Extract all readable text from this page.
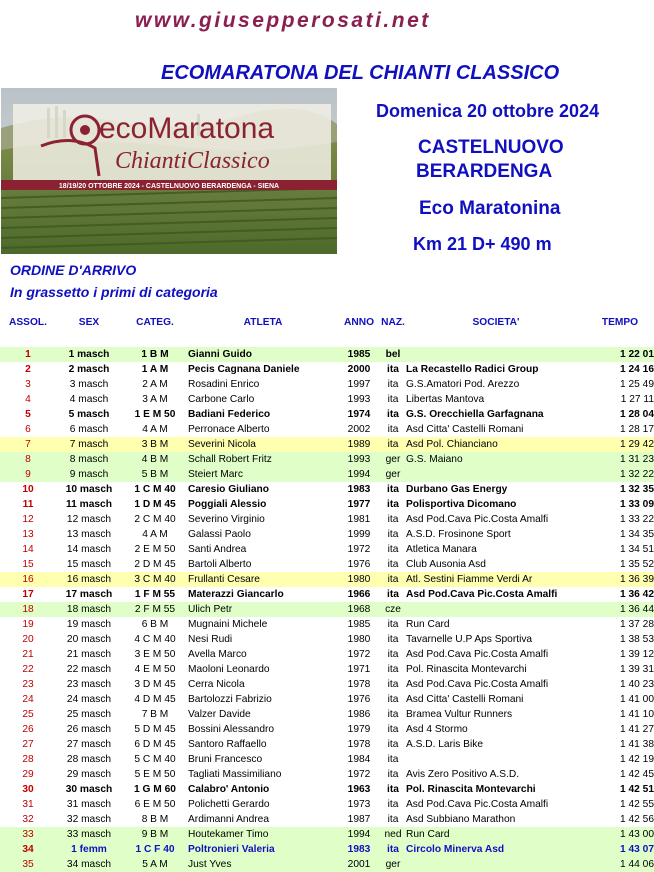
www.giusepperosati.net
ECOMARATONA DEL CHIANTI CLASSICO
ecoMaratona
ChiantiClassico
18/19/20 OTTOBRE 2024 - CASTELNUOVO BERARDENGA - SIENA
Domenica 20 ottobre 2024
CASTELNUOVO
BERARDENGA
Eco Maratonina
Km 21 D+ 490 m
ORDINE D'ARRIVO
In grassetto i primi di categoria
ASSOL.	SEX	CATEG.	ATLETA	ANNO	NAZ.	SOCIETA'	TEMPO

1	1 masch	1 B M	Gianni Guido	1985	bel		1 22 01
2	2 masch	1 A M	Pecis Cagnana Daniele	2000	ita	La Recastello Radici Group	1 24 16
3	3 masch	2 A M	Rosadini Enrico	1997	ita	G.S.Amatori Pod. Arezzo	1 25 49
4	4 masch	3 A M	Carbone Carlo	1993	ita	Libertas Mantova	1 27 11
5	5 masch	1 E M 50	Badiani Federico	1974	ita	G.S. Orecchiella Garfagnana	1 28 04
6	6 masch	4 A M	Perronace Alberto	2002	ita	Asd Citta' Castelli Romani	1 28 17
7	7 masch	3 B M	Severini Nicola	1989	ita	Asd Pol. Chianciano	1 29 42
8	8 masch	4 B M	Schall Robert Fritz	1993	ger	G.S. Maiano	1 31 23
9	9 masch	5 B M	Steiert Marc	1994	ger		1 32 22
10	10 masch	1 C M 40	Caresio Giuliano	1983	ita	Durbano Gas Energy	1 32 35
11	11 masch	1 D M 45	Poggiali Alessio	1977	ita	Polisportiva Dicomano	1 33 09
12	12 masch	2 C M 40	Severino Virginio	1981	ita	Asd Pod.Cava Pic.Costa Amalfi	1 33 22
13	13 masch	4 A M	Galassi Paolo	1999	ita	A.S.D. Frosinone Sport	1 34 35
14	14 masch	2 E M 50	Santi Andrea	1972	ita	Atletica Manara	1 34 51
15	15 masch	2 D M 45	Bartoli Alberto	1976	ita	Club Ausonia Asd	1 35 52
16	16 masch	3 C M 40	Frullanti Cesare	1980	ita	Atl. Sestini Fiamme Verdi Ar	1 36 39
17	17 masch	1 F M 55	Materazzi Giancarlo	1966	ita	Asd Pod.Cava Pic.Costa Amalfi	1 36 42
18	18 masch	2 F M 55	Ulich Petr	1968	cze		1 36 44
19	19 masch	6 B M	Mugnaini Michele	1985	ita	Run Card	1 37 28
20	20 masch	4 C M 40	Nesi Rudi	1980	ita	Tavarnelle U.P Aps Sportiva	1 38 53
21	21 masch	3 E M 50	Avella Marco	1972	ita	Asd Pod.Cava Pic.Costa Amalfi	1 39 12
22	22 masch	4 E M 50	Maoloni Leonardo	1971	ita	Pol. Rinascita Montevarchi	1 39 31
23	23 masch	3 D M 45	Cerra Nicola	1978	ita	Asd Pod.Cava Pic.Costa Amalfi	1 40 23
24	24 masch	4 D M 45	Bartolozzi Fabrizio	1976	ita	Asd Citta' Castelli Romani	1 41 00
25	25 masch	7 B M	Valzer Davide	1986	ita	Bramea Vultur Runners	1 41 10
26	26 masch	5 D M 45	Bossini Alessandro	1979	ita	Asd 4 Stormo	1 41 27
27	27 masch	6 D M 45	Santoro Raffaello	1978	ita	A.S.D. Laris Bike	1 41 38
28	28 masch	5 C M 40	Bruni Francesco	1984	ita		1 42 19
29	29 masch	5 E M 50	Tagliati Massimiliano	1972	ita	Avis Zero Positivo A.S.D.	1 42 45
30	30 masch	1 G M 60	Calabro' Antonio	1963	ita	Pol. Rinascita Montevarchi	1 42 51
31	31 masch	6 E M 50	Polichetti Gerardo	1973	ita	Asd Pod.Cava Pic.Costa Amalfi	1 42 55
32	32 masch	8 B M	Ardimanni Andrea	1987	ita	Asd Subbiano Marathon	1 42 56
33	33 masch	9 B M	Houtekamer Timo	1994	ned	Run Card	1 43 00
34	1 femm	1 C F 40	Poltronieri Valeria	1983	ita	Circolo Minerva Asd	1 43 07
35	34 masch	5 A M	Just Yves	2001	ger		1 44 06
